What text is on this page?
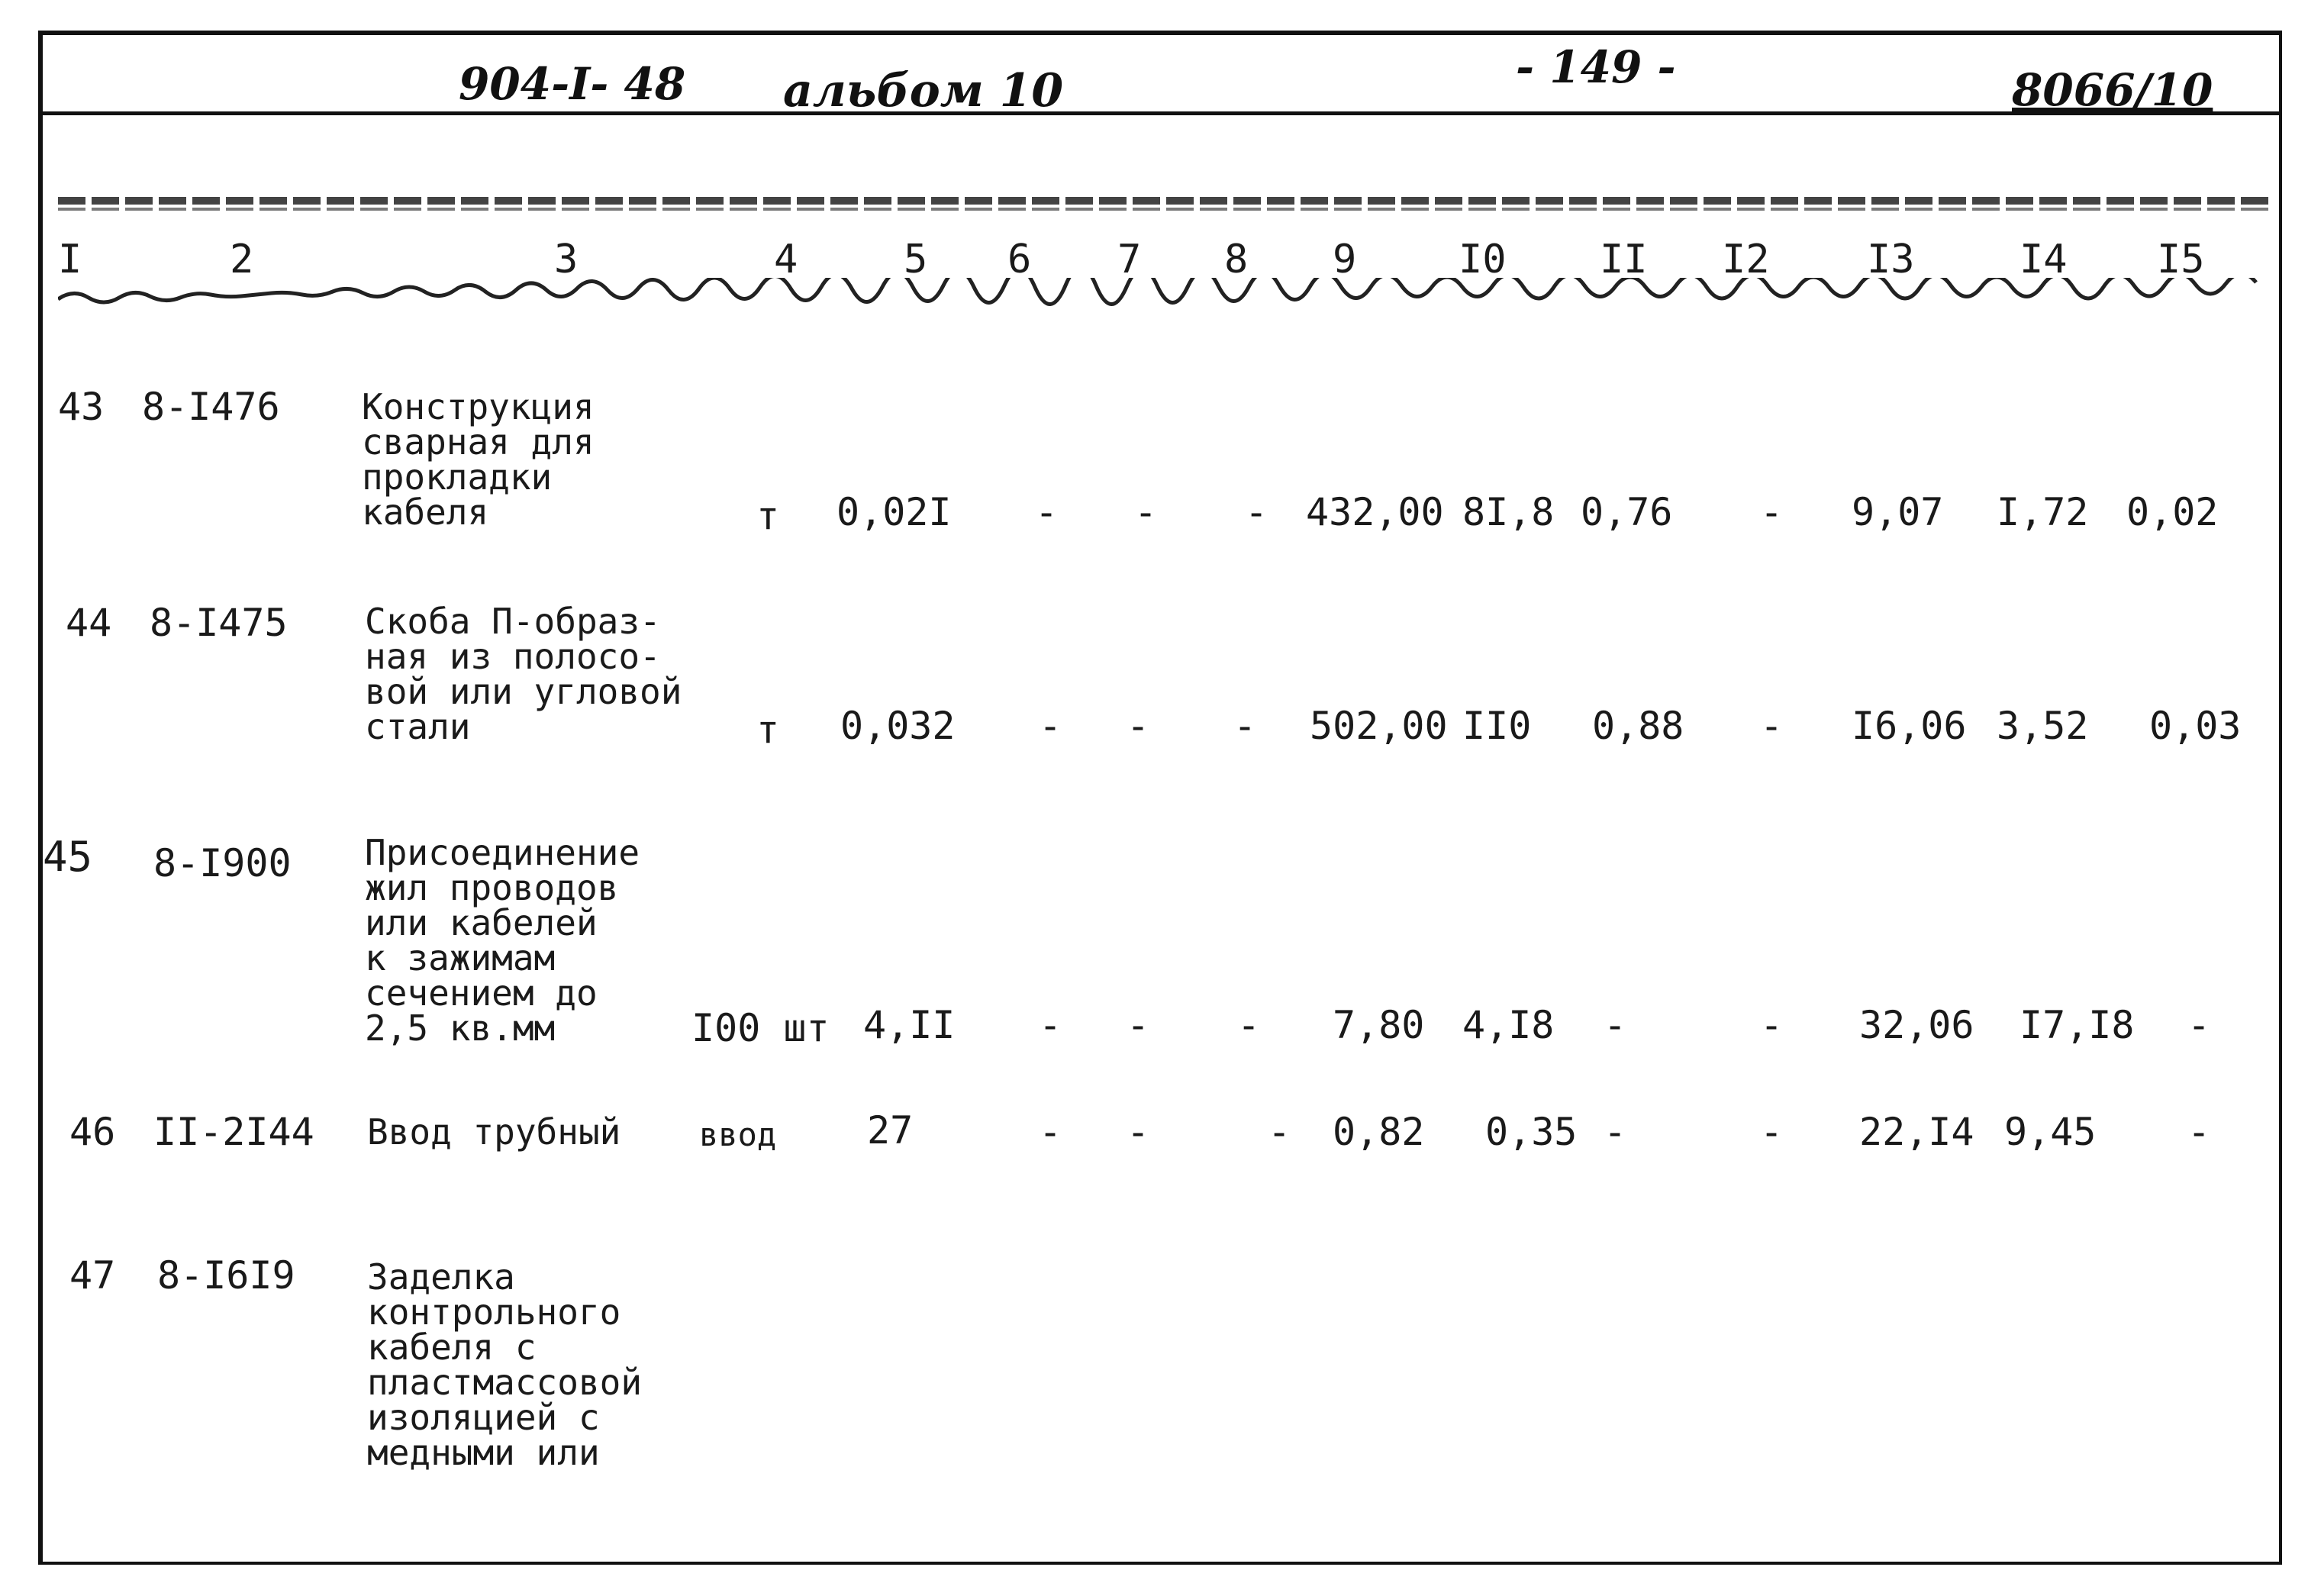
904-I- 48 альбом 10	- 149 -	8066/10
I	2	3	4	5 6 7 8 9	I0 II I2 I3	I4 I5
43 8-I476 Конструкция
сварная для
прокладки
кабеля	т 0,02I - - - 432,00 8I,8 0,76 - 9,07 I,72 0,02
44 8-I475 Скоба П-образ-
ная из полосо-
вой или угловой
стали	т 0,032 - - - 502,00 II0 0,88 - I6,06 3,52 0,03
45 8-I900 Присоединение
жил проводов
или кабелей
к зажимам
сечением до
2,5 кв.мм	I00 шт 4,II - - - 7,80 4,I8 -	- 32,06 I7,I8 -
46 II-2I44 Ввод трубный	ввод 27	- -	- 0,82 0,35 -	- 22,I4 9,45 -
47 8-I6I9 Заделка
контрольного
кабеля с
пластмассовой
изоляцией с
медными или
